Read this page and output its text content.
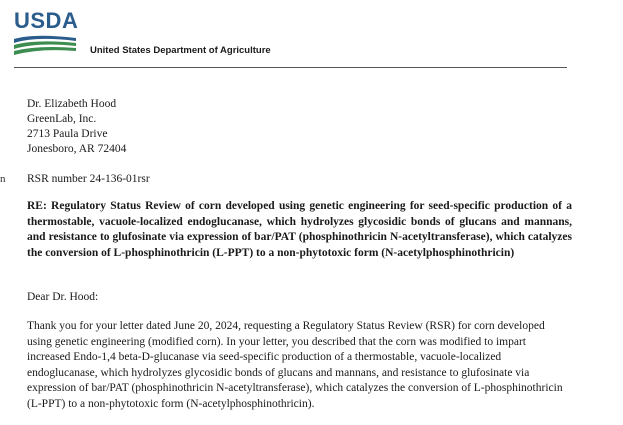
USDA
United States Department of Agriculture
Dr. Elizabeth Hood
GreenLab, Inc.
2713 Paula Drive
Jonesboro, AR 72404
n RSR number 24-136-01rsr
RE: Regulatory Status Review of corn developed using genetic engineering for seed-specific production of a thermostable, vacuole-localized endoglucanase, which hydrolyzes glycosidic bonds of glucans and mannans, and resistance to glufosinate via expression of bar/PAT (phosphinothricin N-acetyltransferase), which catalyzes the conversion of L-phosphinothricin (L-PPT) to a non-phytotoxic form (N-acetylphosphinothricin)
Dear Dr. Hood:
Thank you for your letter dated June 20, 2024, requesting a Regulatory Status Review (RSR) for corn developed using genetic engineering (modified corn). In your letter, you described that the corn was modified to impart increased Endo-1,4 beta-D-glucanase via seed-specific production of a thermostable, vacuole-localized endoglucanase, which hydrolyzes glycosidic bonds of glucans and mannans, and resistance to glufosinate via expression of bar/PAT (phosphinothricin N-acetyltransferase), which catalyzes the conversion of L-phosphinothricin (L-PPT) to a non-phytotoxic form (N-acetylphosphinothricin).
